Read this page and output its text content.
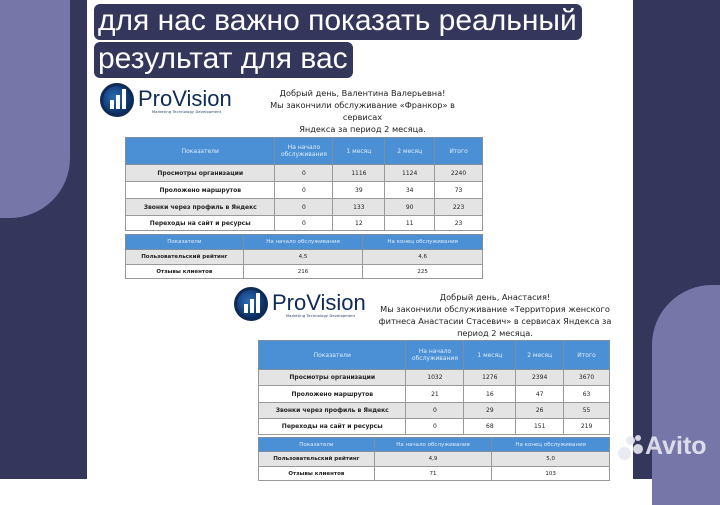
для нас важно показать реальный
результат для вас
ProVision
Marketing Technology Development
Добрый день, Валентина Валерьевна!
Мы закончили обслуживание «Франкор» в сервисах
Яндекса за период 2 месяца.
Показатели	На начало обслуживания	1 месяц	2 месяц	Итого
Просмотры организации	0	1116	1124	2240
Проложено маршрутов	0	39	34	73
Звонки через профиль в Яндекс	0	133	90	223
Переходы на сайт и ресурсы	0	12	11	23
Показатели	На начало обслуживания	На конец обслуживания
Пользовательский рейтинг	4,5	4,6
Отзывы клиентов	216	225
ProVision
Marketing Technology Development
Добрый день, Анастасия!
Мы закончили обслуживание «Территория женского
фитнеса Анастасии Стасевич» в сервисах Яндекса за
период 2 месяца.
Показатели	На начало обслуживания	1 месяц	2 месяц	Итого
Просмотры организации	1032	1276	2394	3670
Проложено маршрутов	21	16	47	63
Звонки через профиль в Яндекс	0	29	26	55
Переходы на сайт и ресурсы	0	68	151	219
Показатели	На начало обслуживания	На конец обслуживания
Пользовательский рейтинг	4,9	5,0
Отзывы клиентов	71	103
Avito
